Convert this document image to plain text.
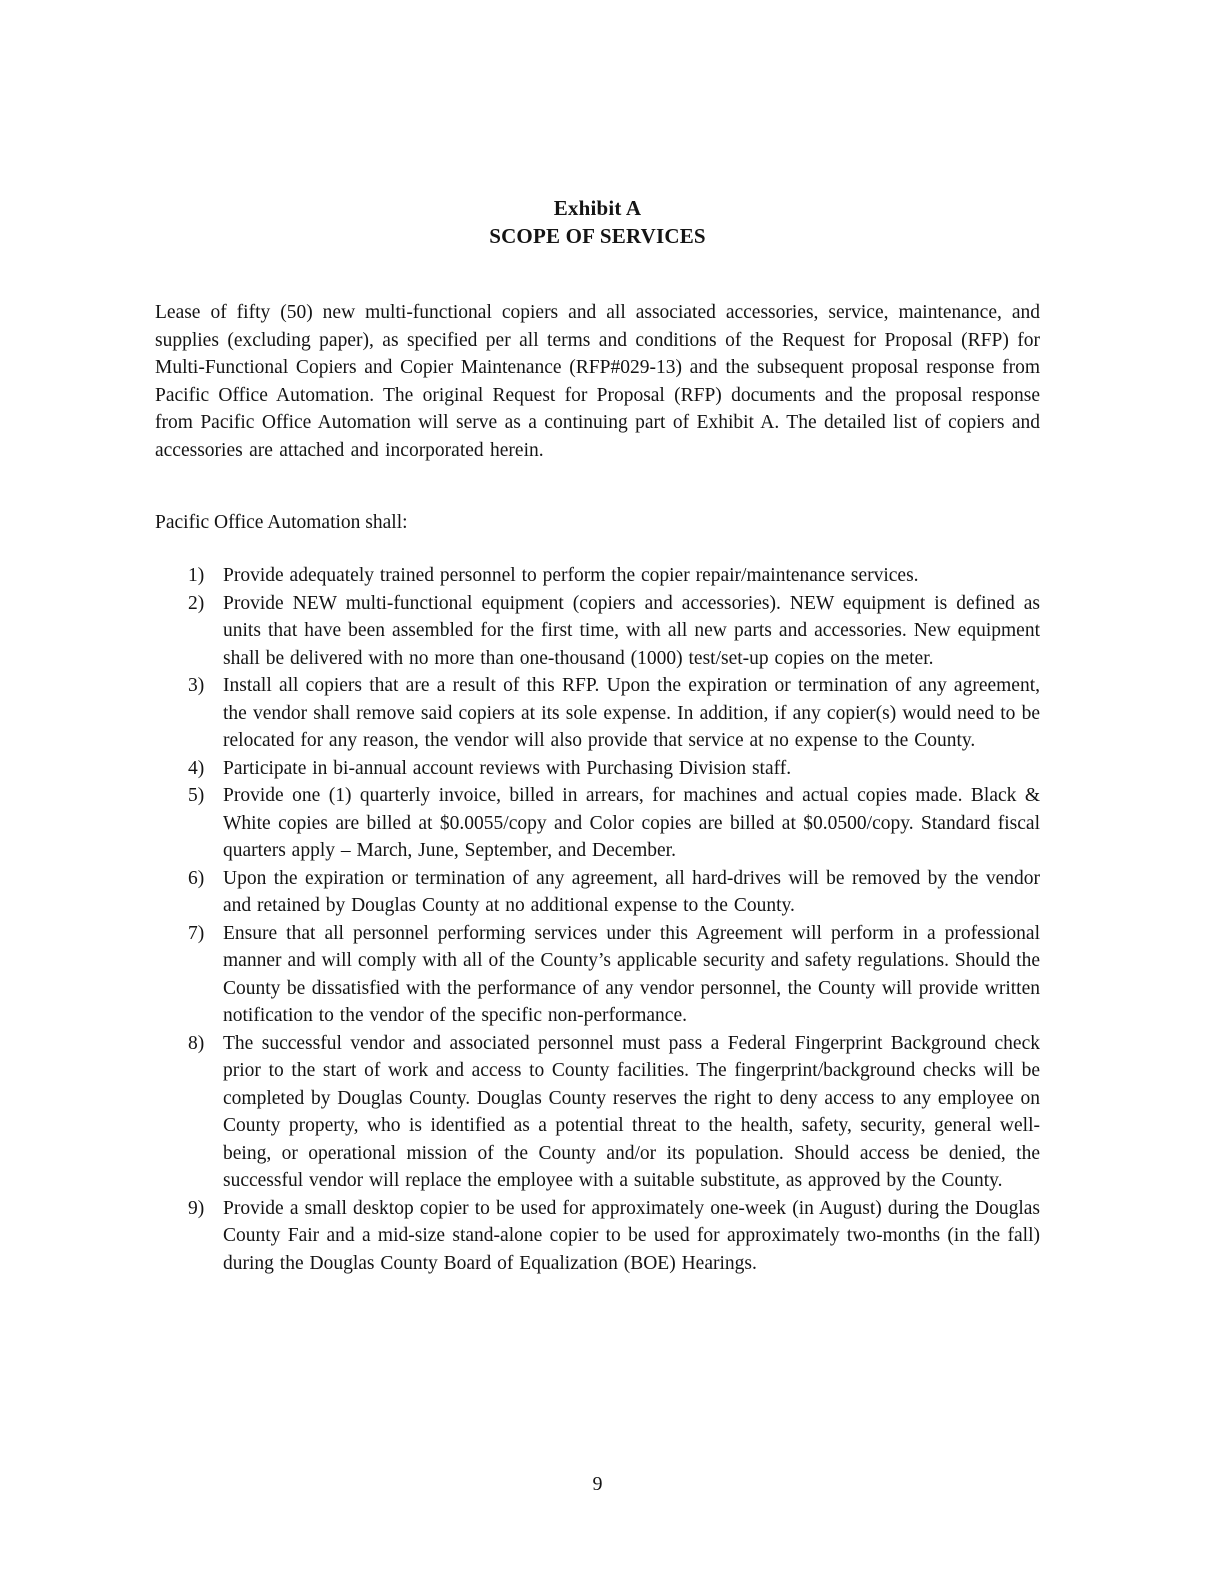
Exhibit A
SCOPE OF SERVICES

Lease of fifty (50) new multi-functional copiers and all associated accessories, service, maintenance, and supplies (excluding paper), as specified per all terms and conditions of the Request for Proposal (RFP) for Multi-Functional Copiers and Copier Maintenance (RFP#029-13) and the subsequent proposal response from Pacific Office Automation. The original Request for Proposal (RFP) documents and the proposal response from Pacific Office Automation will serve as a continuing part of Exhibit A. The detailed list of copiers and accessories are attached and incorporated herein.

Pacific Office Automation shall:

1) Provide adequately trained personnel to perform the copier repair/maintenance services.
2) Provide NEW multi-functional equipment (copiers and accessories). NEW equipment is defined as units that have been assembled for the first time, with all new parts and accessories. New equipment shall be delivered with no more than one-thousand (1000) test/set-up copies on the meter.
3) Install all copiers that are a result of this RFP. Upon the expiration or termination of any agreement, the vendor shall remove said copiers at its sole expense. In addition, if any copier(s) would need to be relocated for any reason, the vendor will also provide that service at no expense to the County.
4) Participate in bi-annual account reviews with Purchasing Division staff.
5) Provide one (1) quarterly invoice, billed in arrears, for machines and actual copies made. Black & White copies are billed at $0.0055/copy and Color copies are billed at $0.0500/copy. Standard fiscal quarters apply – March, June, September, and December.
6) Upon the expiration or termination of any agreement, all hard-drives will be removed by the vendor and retained by Douglas County at no additional expense to the County.
7) Ensure that all personnel performing services under this Agreement will perform in a professional manner and will comply with all of the County’s applicable security and safety regulations. Should the County be dissatisfied with the performance of any vendor personnel, the County will provide written notification to the vendor of the specific non-performance.
8) The successful vendor and associated personnel must pass a Federal Fingerprint Background check prior to the start of work and access to County facilities. The fingerprint/background checks will be completed by Douglas County. Douglas County reserves the right to deny access to any employee on County property, who is identified as a potential threat to the health, safety, security, general well-being, or operational mission of the County and/or its population. Should access be denied, the successful vendor will replace the employee with a suitable substitute, as approved by the County.
9) Provide a small desktop copier to be used for approximately one-week (in August) during the Douglas County Fair and a mid-size stand-alone copier to be used for approximately two-months (in the fall) during the Douglas County Board of Equalization (BOE) Hearings.
9
